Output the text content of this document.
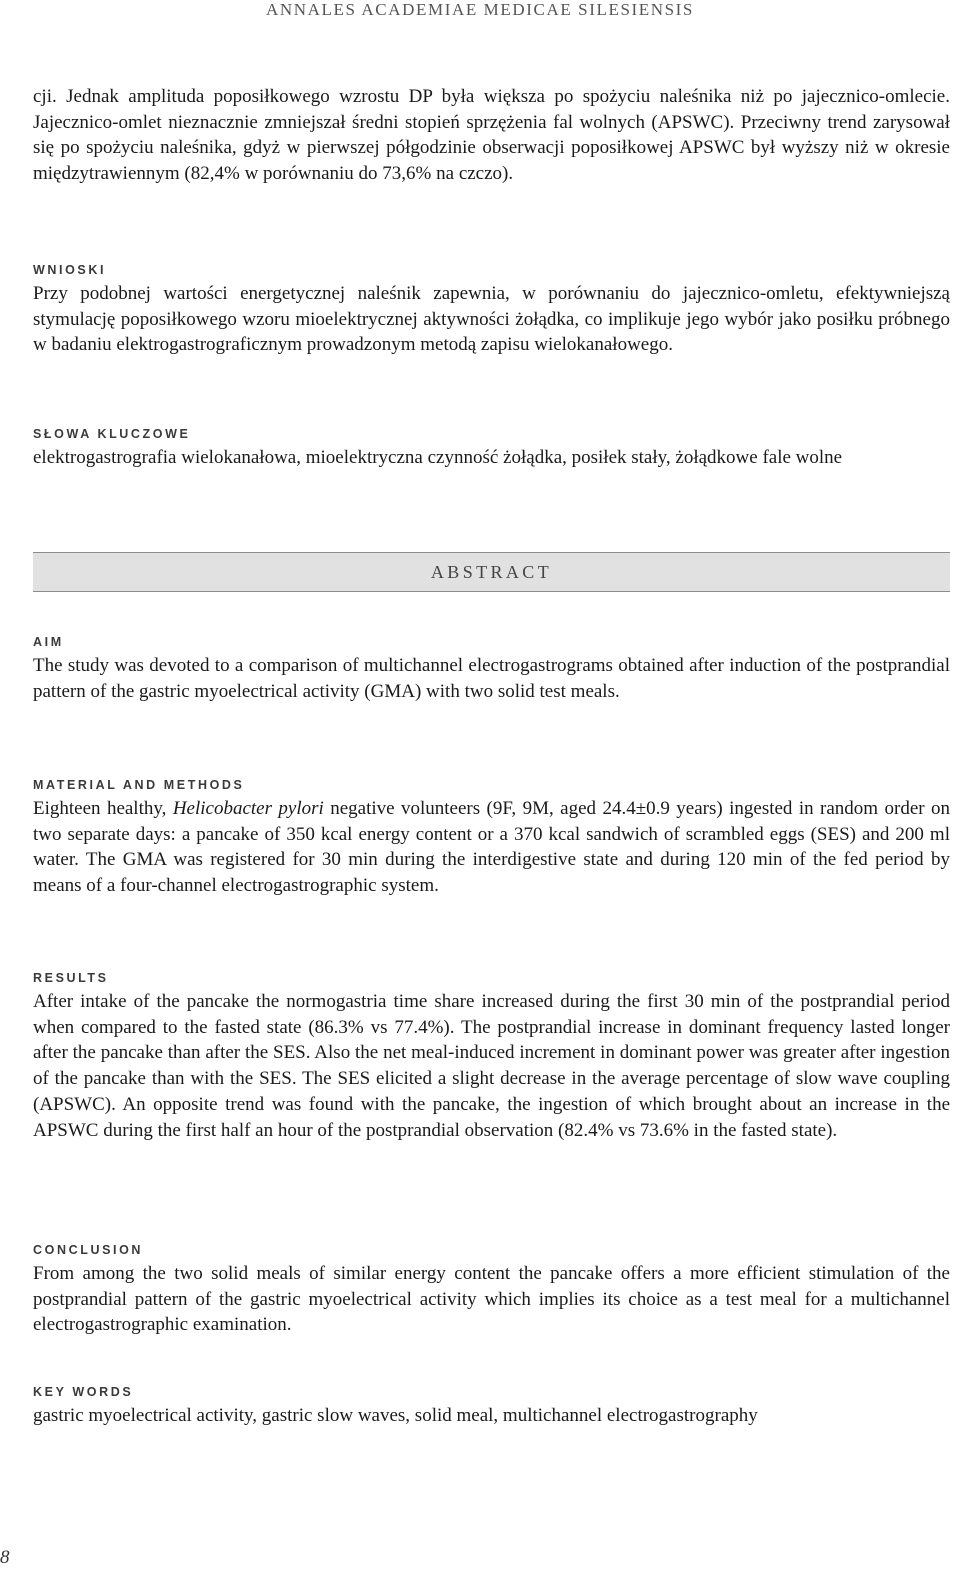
ANNALES ACADEMIAE MEDICAE SILESIENSIS

cji. Jednak amplituda poposiłkowego wzrostu DP była większa po spożyciu naleśnika niż po jajecznico-omlecie. Jajecznico-omlet nieznacznie zmniejszał średni stopień sprzężenia fal wolnych (APSWC). Przeciwny trend zarysował się po spożyciu naleśnika, gdyż w pierwszej półgodzinie obserwacji poposiłkowej APSWC był wyższy niż w okresie międzytrawiennym (82,4% w porównaniu do 73,6% na czczo).

WNIOSKI

Przy podobnej wartości energetycznej naleśnik zapewnia, w porównaniu do jajecznico-omletu, efektywniejszą stymulację poposiłkowego wzoru mioelektrycznej aktywności żołądka, co implikuje jego wybór jako posiłku próbnego w badaniu elektrogastrograficznym prowadzonym metodą zapisu wielokanałowego.

SŁOWA KLUCZOWE

elektrogastrografia wielokanałowa, mioelektryczna czynność żołądka, posiłek stały, żołądkowe fale wolne

ABSTRACT
AIM

The study was devoted to a comparison of multichannel electrogastrograms obtained after induction of the postprandial pattern of the gastric myoelectrical activity (GMA) with two solid test meals.

MATERIAL AND METHODS

Eighteen healthy, Helicobacter pylori negative volunteers (9F, 9M, aged 24.4±0.9 years) ingested in random order on two separate days: a pancake of 350 kcal energy content or a 370 kcal sandwich of scrambled eggs (SES) and 200 ml water. The GMA was registered for 30 min during the interdigestive state and during 120 min of the fed period by means of a four-channel electrogastrographic system.

RESULTS

After intake of the pancake the normogastria time share increased during the first 30 min of the postprandial period when compared to the fasted state (86.3% vs 77.4%). The postprandial increase in dominant frequency lasted longer after the pancake than after the SES. Also the net meal-induced increment in dominant power was greater after ingestion of the pancake than with the SES. The SES elicited a slight decrease in the average percentage of slow wave coupling (APSWC). An opposite trend was found with the pancake, the ingestion of which brought about an increase in the APSWC during the first half an hour of the postprandial observation (82.4% vs 73.6% in the fasted state).

CONCLUSION

From among the two solid meals of similar energy content the pancake offers a more efficient stimulation of the postprandial pattern of the gastric myoelectrical activity which implies its choice as a test meal for a multichannel electrogastrographic examination.

KEY WORDS

gastric myoelectrical activity, gastric slow waves, solid meal, multichannel electrogastrography

8
